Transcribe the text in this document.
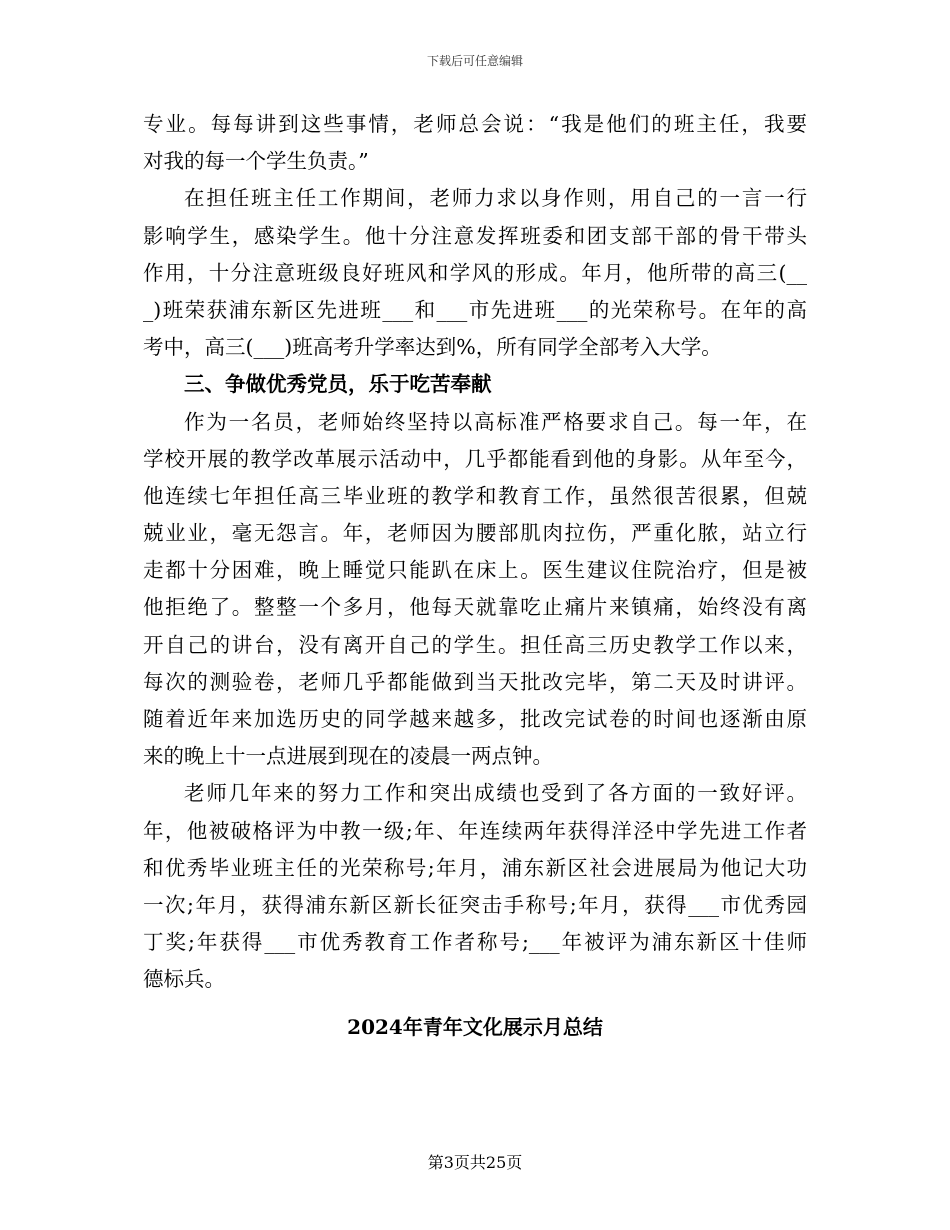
下载后可任意编辑
专业。每每讲到这些事情，老师总会说：“我是他们的班主任，我要
对我的每一个学生负责。”
在担任班主任工作期间，老师力求以身作则，用自己的一言一行
影响学生，感染学生。他十分注意发挥班委和团支部干部的骨干带头
作用，十分注意班级良好班风和学风的形成。年月，他所带的高三(__
_)班荣获浦东新区先进班___和___市先进班___的光荣称号。在年的高
考中，高三(___)班高考升学率达到%，所有同学全部考入大学。
三、争做优秀党员，乐于吃苦奉献
作为一名员，老师始终坚持以高标准严格要求自己。每一年，在
学校开展的教学改革展示活动中，几乎都能看到他的身影。从年至今，
他连续七年担任高三毕业班的教学和教育工作，虽然很苦很累，但兢
兢业业，毫无怨言。年，老师因为腰部肌肉拉伤，严重化脓，站立行
走都十分困难，晚上睡觉只能趴在床上。医生建议住院治疗，但是被
他拒绝了。整整一个多月，他每天就靠吃止痛片来镇痛，始终没有离
开自己的讲台，没有离开自己的学生。担任高三历史教学工作以来，
每次的测验卷，老师几乎都能做到当天批改完毕，第二天及时讲评。
随着近年来加选历史的同学越来越多，批改完试卷的时间也逐渐由原
来的晚上十一点进展到现在的凌晨一两点钟。
老师几年来的努力工作和突出成绩也受到了各方面的一致好评。
年，他被破格评为中教一级;年、年连续两年获得洋泾中学先进工作者
和优秀毕业班主任的光荣称号;年月，浦东新区社会进展局为他记大功
一次;年月，获得浦东新区新长征突击手称号;年月，获得___市优秀园
丁奖;年获得___市优秀教育工作者称号;___年被评为浦东新区十佳师
德标兵。
2024年青年文化展示月总结
第3页共25页
